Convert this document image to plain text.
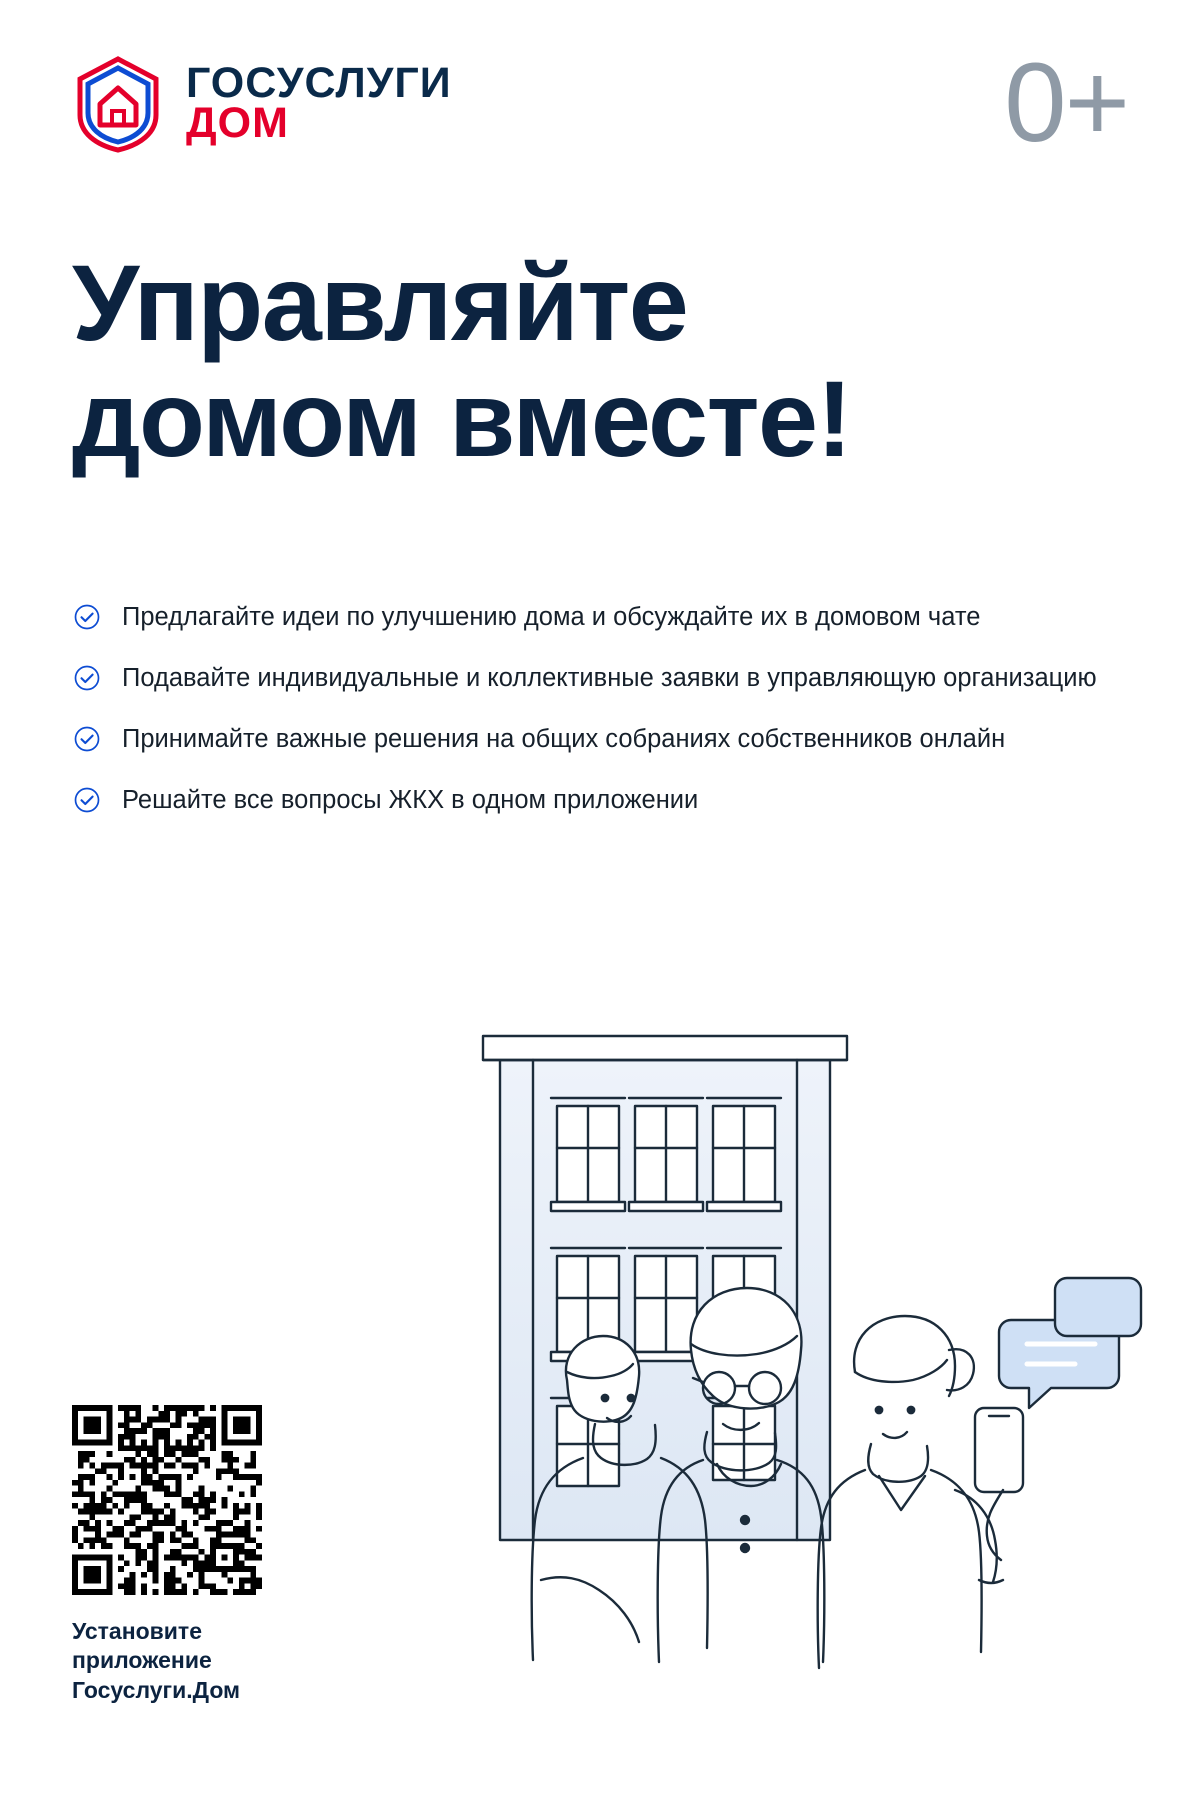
ГОСУСЛУГИ
ДОМ	0+
Управляйте
домом вместе!
Предлагайте идеи по улучшению дома и обсуждайте их в домовом чате
Подавайте индивидуальные и коллективные заявки в управляющую организацию
Принимайте важные решения на общих собраниях собственников онлайн
Решайте все вопросы ЖКХ в одном приложении
Установите
приложение Госуслуги.Дом
